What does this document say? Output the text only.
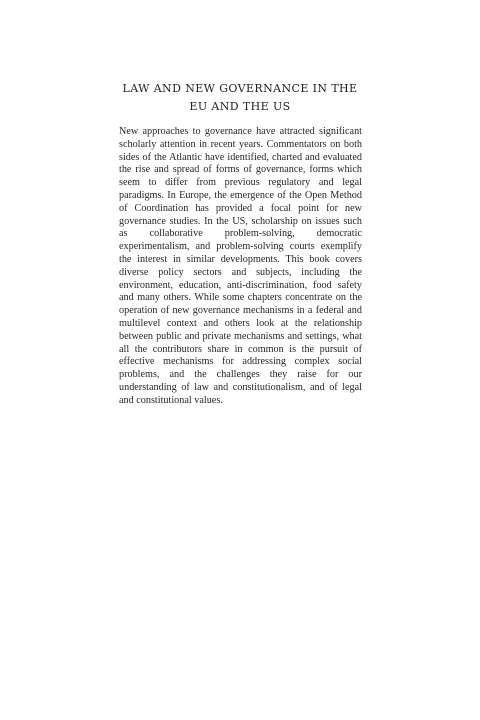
LAW AND NEW GOVERNANCE IN THE
EU AND THE US

New approaches to governance have attracted significant scholarly attention in recent years. Commentators on both sides of the Atlantic have identified, charted and evaluated the rise and spread of forms of governance, forms which seem to differ from previous regulatory and legal paradigms. In Europe, the emergence of the Open Method of Coordination has provided a focal point for new governance studies. In the US, scholarship on issues such as collaborative problem-solving, democratic experimentalism, and problem-solving courts exemplify the interest in similar developments. This book covers diverse policy sectors and subjects, including the environment, education, anti-discrimination, food safety and many others. While some chapters concentrate on the operation of new governance mechanisms in a federal and multilevel context and others look at the relationship between public and private mechanisms and settings, what all the contributors share in common is the pursuit of effective mechanisms for addressing complex social problems, and the challenges they raise for our understanding of law and constitutionalism, and of legal and constitutional values.
